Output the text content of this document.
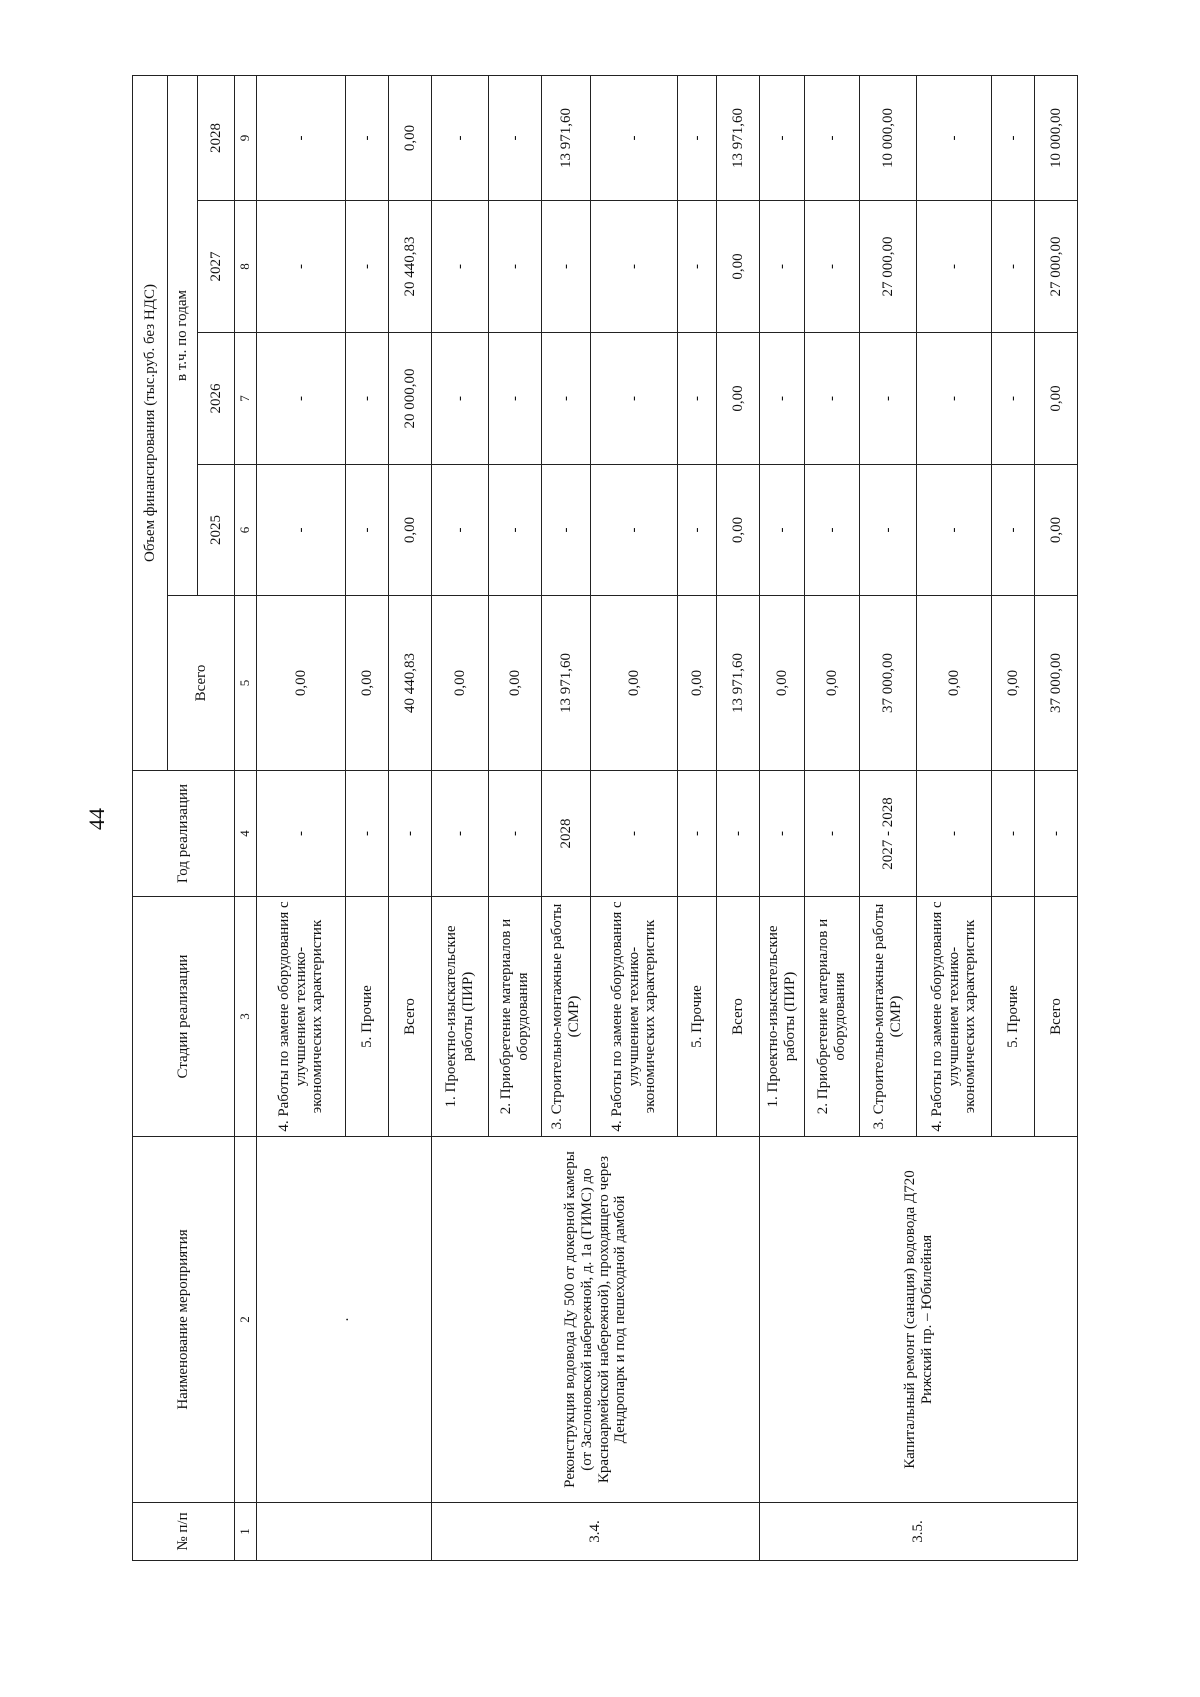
44
№ п/п	Наименование мероприятия	Стадии реализации	Год реализации	Объем финансирования (тыс.руб. без НДС)				
				Всего	в т.ч. по годам			
					2025	2026	2027	2028
1	2	3	4	5	6	7	8	9
	.	4. Работы по замене оборудования с улучшением технико-экономических характеристик	-	0,00	-	-	-	-
		5. Прочие	-	0,00	-	-	-	-
		Всего	-	40 440,83	0,00	20 000,00	20 440,83	0,00
3.4.	Реконструкция водовода Ду 500 от докерной камеры (от Заслоновской набережной, д. 1а (ГИМС) до Красноармейской набережной), проходящего через Дендропарк и под пешеходной дамбой	1. Проектно-изыскательские работы (ПИР)	-	0,00	-	-	-	-
		2. Приобретение материалов и оборудования	-	0,00	-	-	-	-
		3. Строительно-монтажные работы (СМР)	2028	13 971,60	-	-	-	13 971,60
		4. Работы по замене оборудования с улучшением технико-экономических характеристик	-	0,00	-	-	-	-
		5. Прочие	-	0,00	-	-	-	-
		Всего	-	13 971,60	0,00	0,00	0,00	13 971,60
3.5.	Капитальный ремонт (санация) водовода Д720 Рижский пр. – Юбилейная	1. Проектно-изыскательские работы (ПИР)	-	0,00	-	-	-	-
		2. Приобретение материалов и оборудования	-	0,00	-	-	-	-
		3. Строительно-монтажные работы (СМР)	2027 - 2028	37 000,00	-	-	27 000,00	10 000,00
		4. Работы по замене оборудования с улучшением технико-экономических характеристик	-	0,00	-	-	-	-
		5. Прочие	-	0,00	-	-	-	-
		Всего	-	37 000,00	0,00	0,00	27 000,00	10 000,00
